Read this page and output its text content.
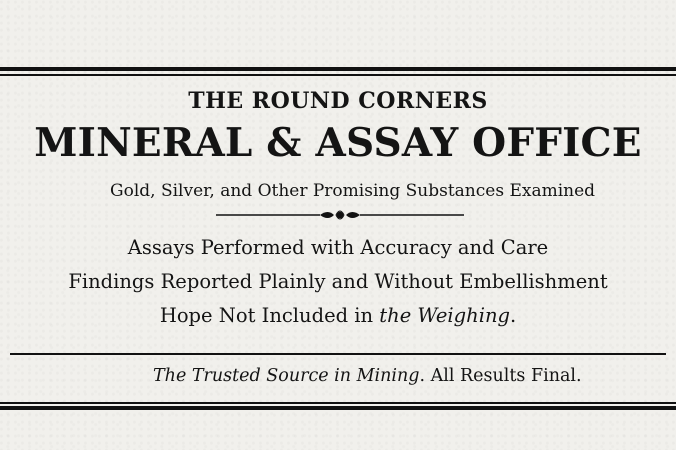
THE ROUND CORNERS
MINERAL & ASSAY OFFICE
Gold, Silver, and Other Promising Substances Examined
Assays Performed with Accuracy and Care
Findings Reported Plainly and Without Embellishment
Hope Not Included in the Weighing.
The Trusted Source in Mining. All Results Final.
